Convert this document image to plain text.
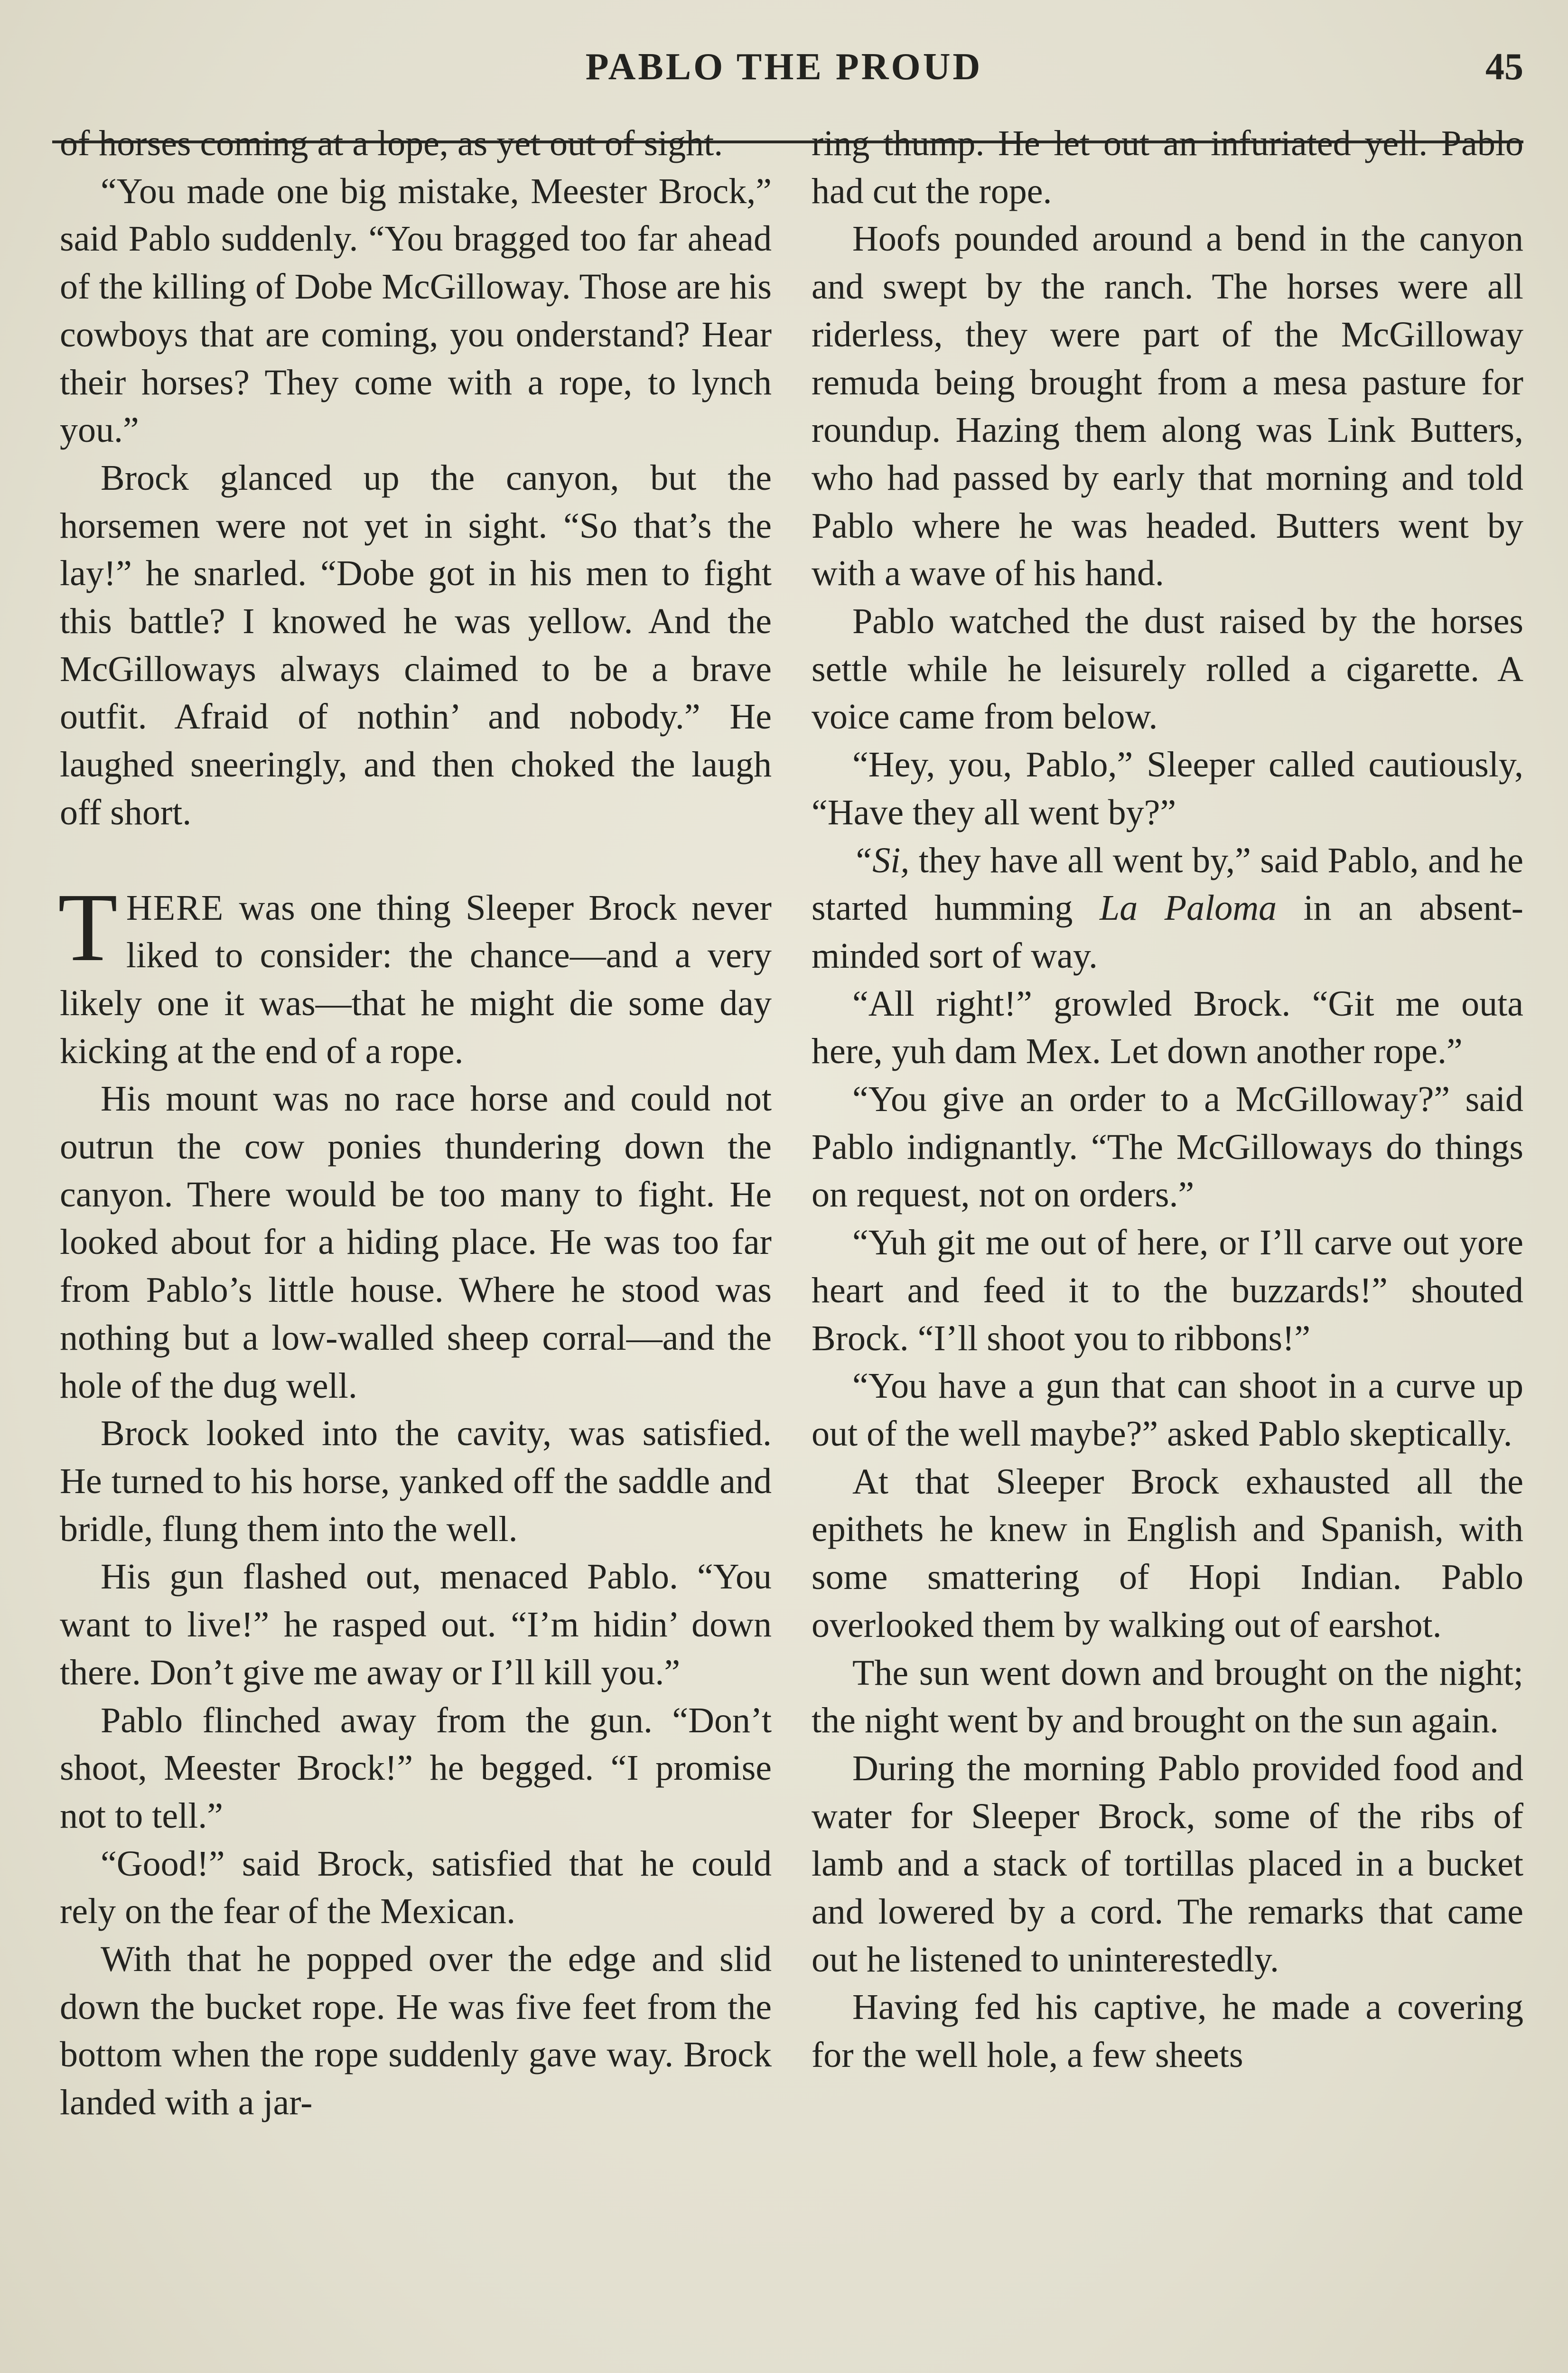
PABLO THE PROUD	45

of horses coming at a lope, as yet out of sight.

“You made one big mistake, Meester Brock,” said Pablo suddenly. “You bragged too far ahead of the killing of Dobe McGilloway. Those are his cowboys that are coming, you onderstand? Hear their horses? They come with a rope, to lynch you.”

Brock glanced up the canyon, but the horsemen were not yet in sight. “So that’s the lay!” he snarled. “Dobe got in his men to fight this battle? I knowed he was yellow. And the McGilloways always claimed to be a brave outfit. Afraid of nothin’ and nobody.” He laughed sneeringly, and then choked the laugh off short.

THERE was one thing Sleeper Brock never liked to consider: the chance—and a very likely one it was—that he might die some day kicking at the end of a rope.

His mount was no race horse and could not outrun the cow ponies thundering down the canyon. There would be too many to fight. He looked about for a hiding place. He was too far from Pablo’s little house. Where he stood was nothing but a low-walled sheep corral—and the hole of the dug well.

Brock looked into the cavity, was satisfied. He turned to his horse, yanked off the saddle and bridle, flung them into the well.

His gun flashed out, menaced Pablo. “You want to live!” he rasped out. “I’m hidin’ down there. Don’t give me away or I’ll kill you.”

Pablo flinched away from the gun. “Don’t shoot, Meester Brock!” he begged. “I promise not to tell.”

“Good!” said Brock, satisfied that he could rely on the fear of the Mexican.

With that he popped over the edge and slid down the bucket rope. He was five feet from the bottom when the rope suddenly gave way. Brock landed with a jar-

ring thump. He let out an infuriated yell. Pablo had cut the rope.

Hoofs pounded around a bend in the canyon and swept by the ranch. The horses were all riderless, they were part of the McGilloway remuda being brought from a mesa pasture for roundup. Hazing them along was Link Butters, who had passed by early that morning and told Pablo where he was headed. Butters went by with a wave of his hand.

Pablo watched the dust raised by the horses settle while he leisurely rolled a cigarette. A voice came from below.

“Hey, you, Pablo,” Sleeper called cautiously, “Have they all went by?”

“Si, they have all went by,” said Pablo, and he started humming La Paloma in an absent-minded sort of way.

“All right!” growled Brock. “Git me outa here, yuh dam Mex. Let down another rope.”

“You give an order to a McGilloway?” said Pablo indignantly. “The McGilloways do things on request, not on orders.”

“Yuh git me out of here, or I’ll carve out yore heart and feed it to the buzzards!” shouted Brock. “I’ll shoot you to ribbons!”

“You have a gun that can shoot in a curve up out of the well maybe?” asked Pablo skeptically.

At that Sleeper Brock exhausted all the epithets he knew in English and Spanish, with some smattering of Hopi Indian. Pablo overlooked them by walking out of earshot.

The sun went down and brought on the night; the night went by and brought on the sun again.

During the morning Pablo provided food and water for Sleeper Brock, some of the ribs of lamb and a stack of tortillas placed in a bucket and lowered by a cord. The remarks that came out he listened to uninterestedly.

Having fed his captive, he made a covering for the well hole, a few sheets
